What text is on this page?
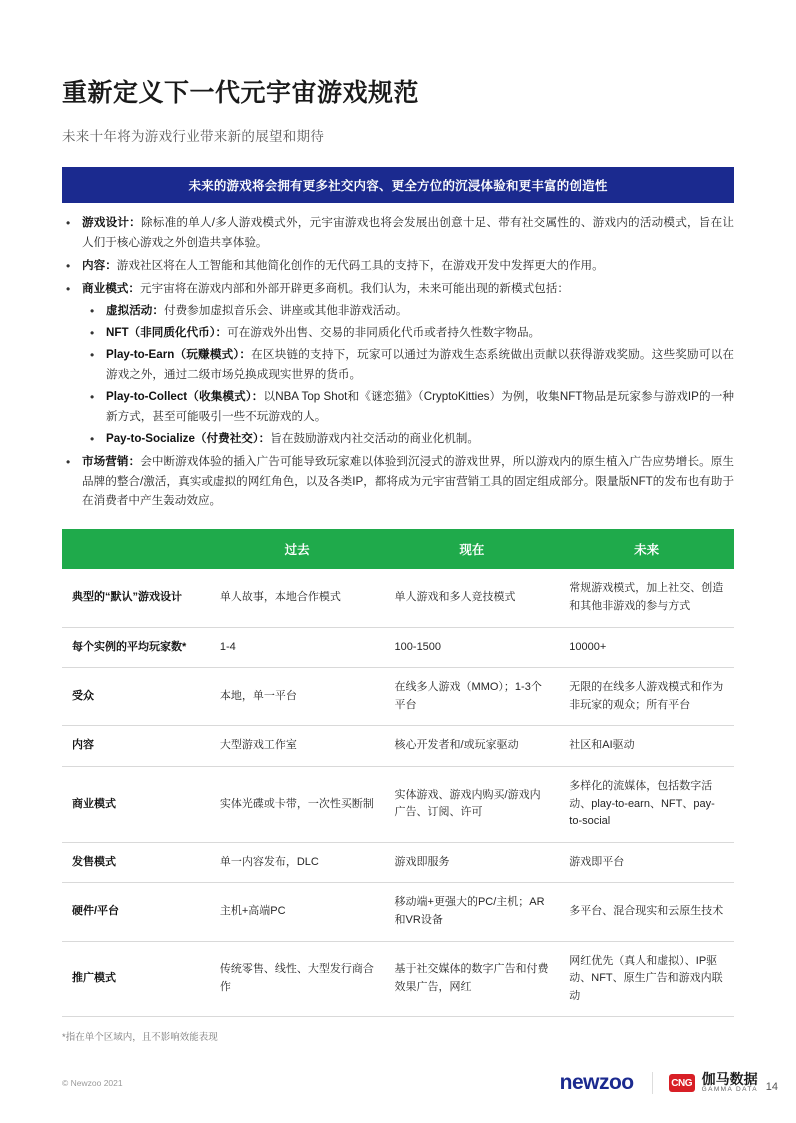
重新定义下一代元宇宙游戏规范
未来十年将为游戏行业带来新的展望和期待
未来的游戏将会拥有更多社交内容、更全方位的沉浸体验和更丰富的创造性
• 游戏设计：除标准的单人/多人游戏模式外，元宇宙游戏也将会发展出创意十足、带有社交属性的、游戏内的活动模式，旨在让人们于核心游戏之外创造共享体验。
• 内容：游戏社区将在人工智能和其他简化创作的无代码工具的支持下，在游戏开发中发挥更大的作用。
• 商业模式：元宇宙将在游戏内部和外部开辟更多商机。我们认为，未来可能出现的新模式包括：
• 虚拟活动：付费参加虚拟音乐会、讲座或其他非游戏活动。
• NFT（非同质化代币）：可在游戏外出售、交易的非同质化代币或者持久性数字物品。
• Play-to-Earn（玩赚模式）：在区块链的支持下，玩家可以通过为游戏生态系统做出贡献以获得游戏奖励。这些奖励可以在游戏之外，通过二级市场兑换成现实世界的货币。
• Play-to-Collect（收集模式）：以NBA Top Shot和《谜恋猫》（CryptoKitties）为例，收集NFT物品是玩家参与游戏IP的一种新方式，甚至可能吸引一些不玩游戏的人。
• Pay-to-Socialize（付费社交）：旨在鼓励游戏内社交活动的商业化机制。
• 市场营销：会中断游戏体验的插入广告可能导致玩家难以体验到沉浸式的游戏世界，所以游戏内的原生植入广告应势增长。原生品牌的整合/激活，真实或虚拟的网红角色，以及各类IP，都将成为元宇宙营销工具的固定组成部分。限量版NFT的发布也有助于在消费者中产生轰动效应。
	过去	现在	未来
典型的“默认”游戏设计	单人故事，本地合作模式	单人游戏和多人竞技模式	常规游戏模式，加上社交、创造和其他非游戏的参与方式
每个实例的平均玩家数*	1-4	100-1500	10000+
受众	本地，单一平台	在线多人游戏（MMO）；1-3个平台	无限的在线多人游戏模式和作为非玩家的观众；所有平台
内容	大型游戏工作室	核心开发者和/或玩家驱动	社区和AI驱动
商业模式	实体光碟或卡带，一次性买断制	实体游戏、游戏内购买/游戏内广告、订阅、许可	多样化的流媒体，包括数字活动、play-to-earn、NFT、pay-to-social
发售模式	单一内容发布，DLC	游戏即服务	游戏即平台
硬件/平台	主机+高端PC	移动端+更强大的PC/主机；AR和VR设备	多平台、混合现实和云原生技术
推广模式	传统零售、线性、大型发行商合作	基于社交媒体的数字广告和付费效果广告，网红	网红优先（真人和虚拟）、IP驱动、NFT、原生广告和游戏内联动
*指在单个区域内，且不影响效能表现
© Newzoo 2021	newzoo	CNG 伽马数据
GAMMA DATA 14
